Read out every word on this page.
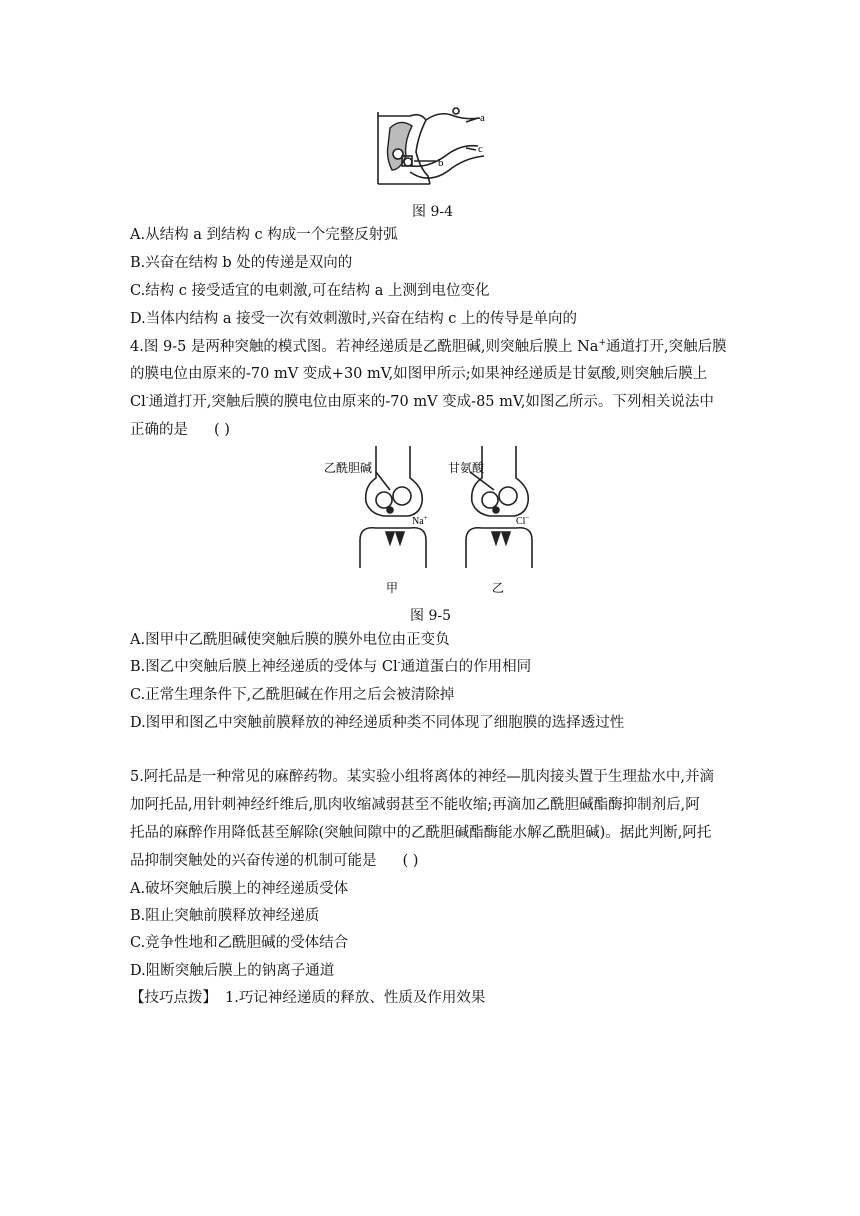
a
b
c
图 9-4
A.从结构 a 到结构 c 构成一个完整反射弧
B.兴奋在结构 b 处的传递是双向的
C.结构 c 接受适宜的电刺激,可在结构 a 上测到电位变化
D.当体内结构 a 接受一次有效刺激时,兴奋在结构 c 上的传导是单向的
4.图 9-5 是两种突触的模式图。若神经递质是乙酰胆碱,则突触后膜上 Na+通道打开,突触后膜
的膜电位由原来的-70 mV 变成+30 mV,如图甲所示;如果神经递质是甘氨酸,则突触后膜上
Cl-通道打开,突触后膜的膜电位由原来的-70 mV 变成-85 mV,如图乙所示。下列相关说法中
正确的是 ( )
乙酰胆碱
Na+
甘氨酸
Cl−
甲	乙
图 9-5
A.图甲中乙酰胆碱使突触后膜的膜外电位由正变负
B.图乙中突触后膜上神经递质的受体与 Cl-通道蛋白的作用相同
C.正常生理条件下,乙酰胆碱在作用之后会被清除掉
D.图甲和图乙中突触前膜释放的神经递质种类不同体现了细胞膜的选择透过性
5.阿托品是一种常见的麻醉药物。某实验小组将离体的神经—肌肉接头置于生理盐水中,并滴
加阿托品,用针刺神经纤维后,肌肉收缩减弱甚至不能收缩;再滴加乙酰胆碱酯酶抑制剂后,阿
托品的麻醉作用降低甚至解除(突触间隙中的乙酰胆碱酯酶能水解乙酰胆碱)。据此判断,阿托
品抑制突触处的兴奋传递的机制可能是 ( )
A.破坏突触后膜上的神经递质受体
B.阻止突触前膜释放神经递质
C.竞争性地和乙酰胆碱的受体结合
D.阻断突触后膜上的钠离子通道
【技巧点拨】 1.巧记神经递质的释放、性质及作用效果
